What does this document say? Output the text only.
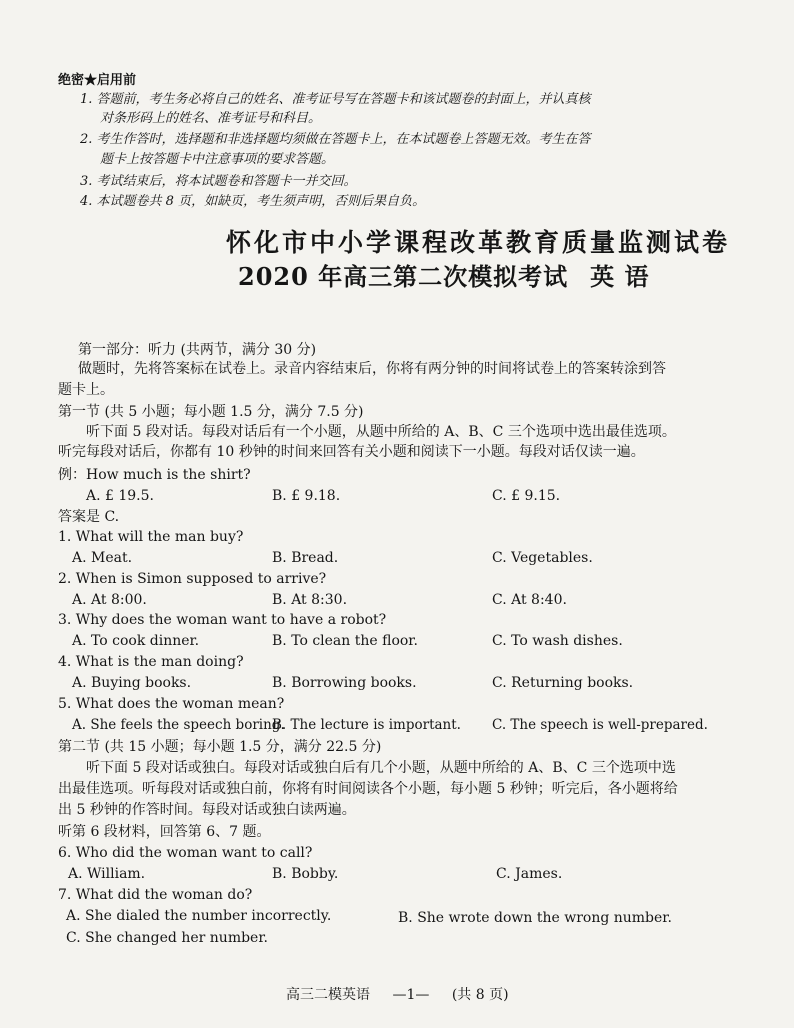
绝密★启用前
1. 答题前，考生务必将自己的姓名、准考证号写在答题卡和该试题卷的封面上，并认真核
对条形码上的姓名、准考证号和科目。
2. 考生作答时，选择题和非选择题均须做在答题卡上，在本试题卷上答题无效。考生在答
题卡上按答题卡中注意事项的要求答题。
3. 考试结束后，将本试题卷和答题卡一并交回。
4. 本试题卷共 8 页，如缺页，考生须声明，否则后果自负。
怀化市中小学课程改革教育质量监测试卷
2020 年高三第二次模拟考试 英 语
第一部分：听力 (共两节，满分 30 分)
做题时，先将答案标在试卷上。录音内容结束后，你将有两分钟的时间将试卷上的答案转涂到答
题卡上。
第一节 (共 5 小题；每小题 1.5 分，满分 7.5 分)
听下面 5 段对话。每段对话后有一个小题，从题中所给的 A、B、C 三个选项中选出最佳选项。
听完每段对话后，你都有 10 秒钟的时间来回答有关小题和阅读下一小题。每段对话仅读一遍。
例：How much is the shirt?
A. £ 19.5.	B. £ 9.18.	C. £ 9.15.
答案是 C.
1. What will the man buy?
A. Meat.	B. Bread.	C. Vegetables.
2. When is Simon supposed to arrive?
A. At 8:00.	B. At 8:30.	C. At 8:40.
3. Why does the woman want to have a robot?
A. To cook dinner.	B. To clean the floor.	C. To wash dishes.
4. What is the man doing?
A. Buying books.	B. Borrowing books.	C. Returning books.
5. What does the woman mean?
A. She feels the speech boring.
B. The lecture is important. C. The speech is well-prepared.
第二节 (共 15 小题；每小题 1.5 分，满分 22.5 分)
听下面 5 段对话或独白。每段对话或独白后有几个小题，从题中所给的 A、B、C 三个选项中选
出最佳选项。听每段对话或独白前，你将有时间阅读各个小题，每小题 5 秒钟；听完后，各小题将给
出 5 秒钟的作答时间。每段对话或独白读两遍。
听第 6 段材料，回答第 6、7 题。
6. Who did the woman want to call?
A. William.	B. Bobby.	C. James.
7. What did the woman do?
A. She dialed the number incorrectly.	B. She wrote down the wrong number.
C. She changed her number.
高三二模英语 —1— (共 8 页)
